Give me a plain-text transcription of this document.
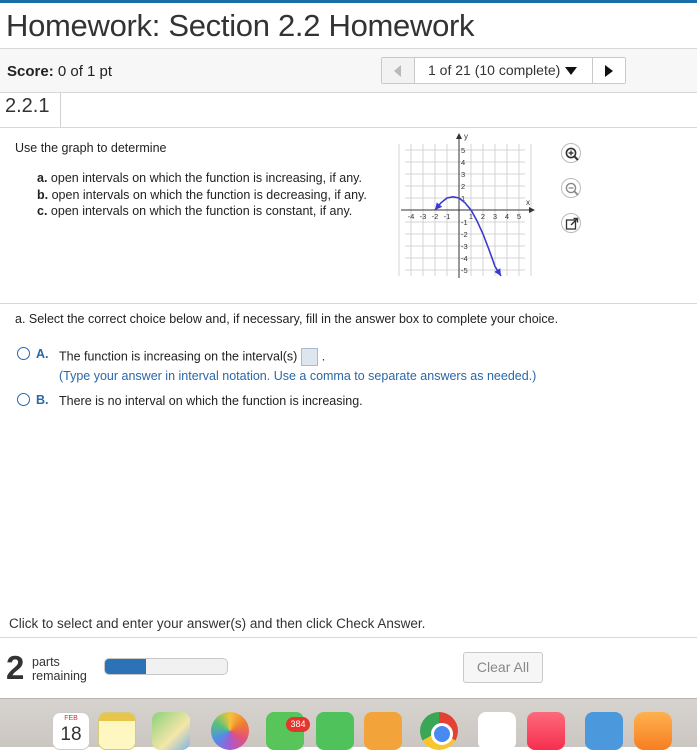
Homework: Section 2.2 Homework
Score: 0 of 1 pt	1 of 21 (10 complete)
2.2.1
Use the graph to determine
a. open intervals on which the function is increasing, if any.
b. open intervals on which the function is decreasing, if any.
c. open intervals on which the function is constant, if any.	-4 -3 -2 -1 1 2 3 4 5
5
4
3
2
1
-1
-2
-3
-4
-5
x
y
a. Select the correct choice below and, if necessary, fill in the answer box to complete your choice.
A. The function is increasing on the interval(s) .
(Type your answer in interval notation. Use a comma to separate answers as needed.)
B. There is no interval on which the function is increasing.
Click to select and enter your answer(s) and then click Check Answer.
2 parts
remaining
Clear All
FEB
18	384
